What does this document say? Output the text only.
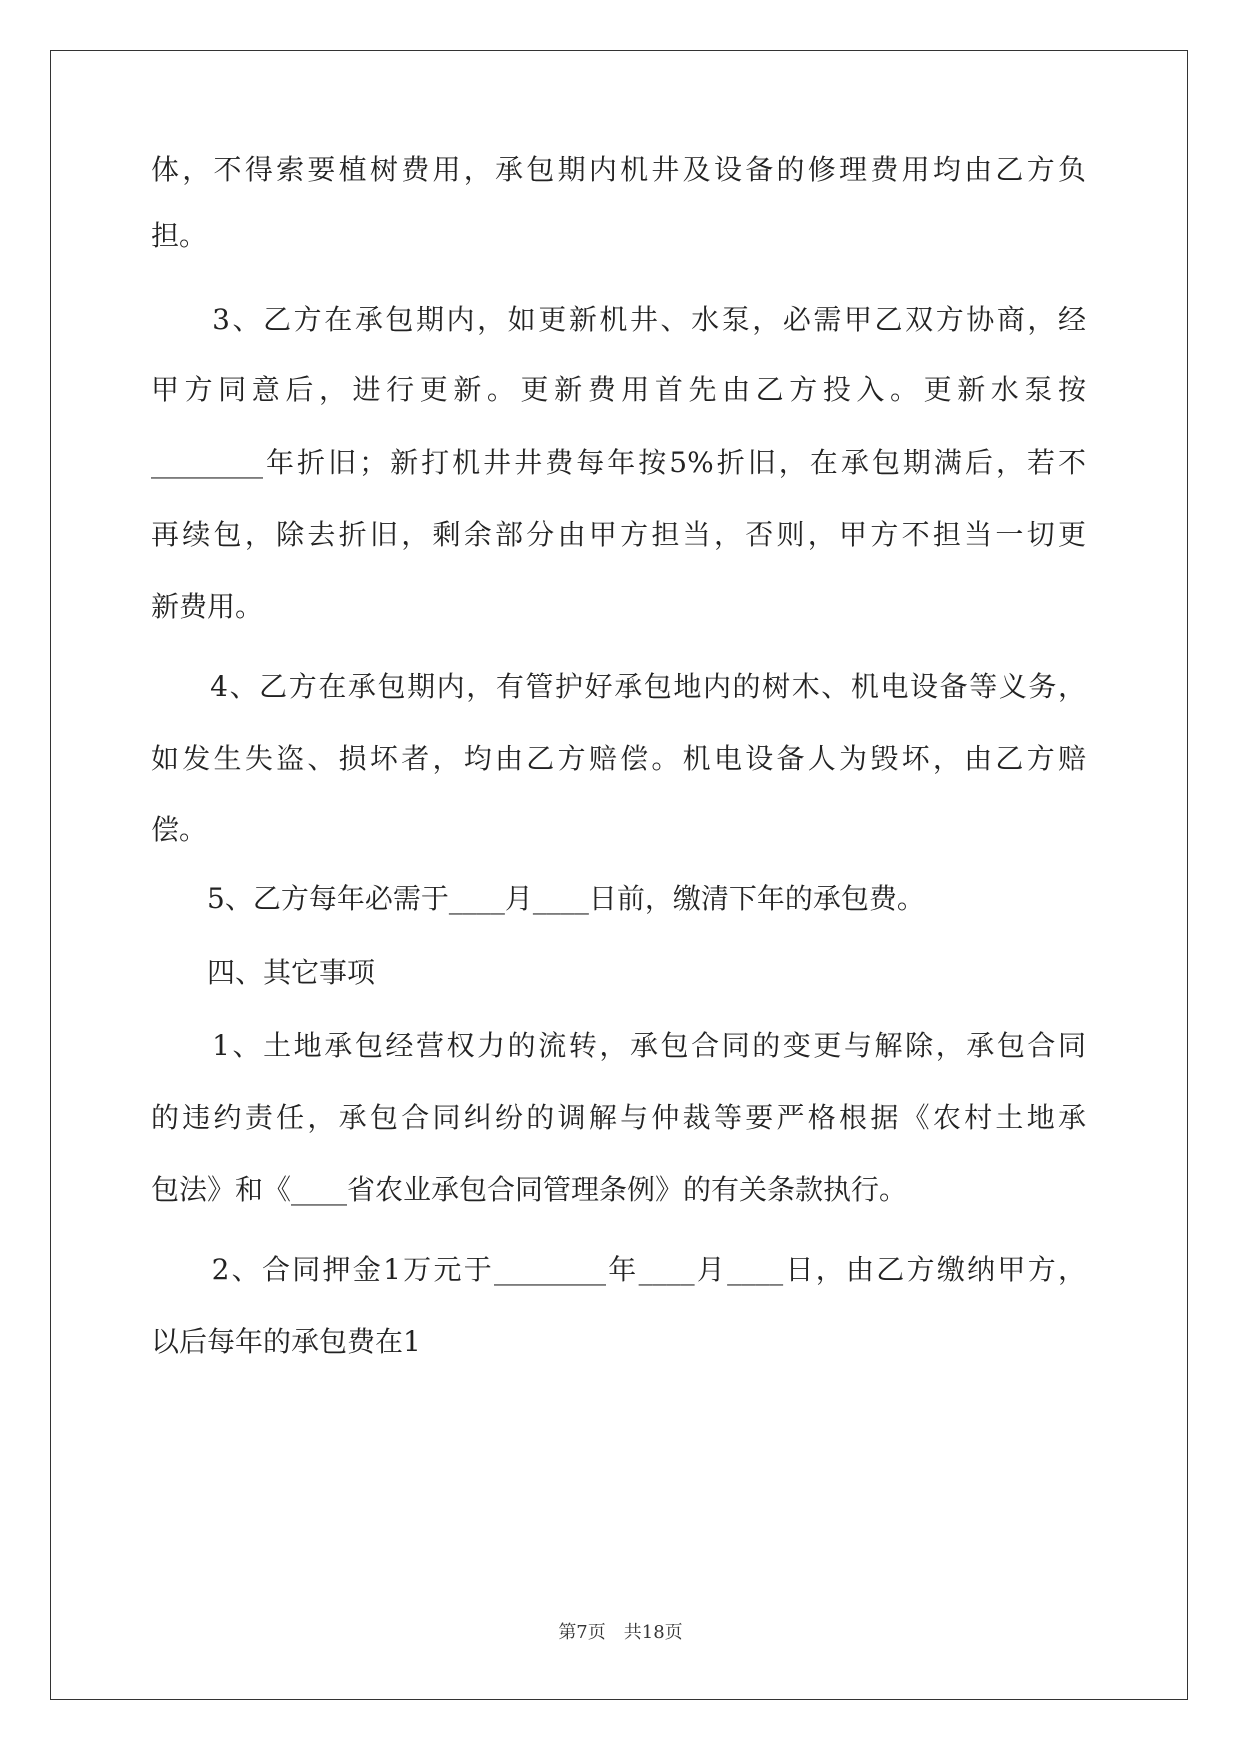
体，不得索要植树费用，承包期内机井及设备的修理费用均由乙方负
担。
　　3、乙方在承包期内，如更新机井、水泵，必需甲乙双方协商，经
甲方同意后，进行更新。更新费用首先由乙方投入。更新水泵按
________年折旧；新打机井井费每年按5%折旧，在承包期满后，若不
再续包，除去折旧，剩余部分由甲方担当，否则，甲方不担当一切更
新费用。
　　4、乙方在承包期内，有管护好承包地内的树木、机电设备等义务，
如发生失盗、损坏者，均由乙方赔偿。机电设备人为毁坏，由乙方赔
偿。
　　5、乙方每年必需于____月____日前，缴清下年的承包费。
　　四、其它事项
　　1、土地承包经营权力的流转，承包合同的变更与解除，承包合同
的违约责任，承包合同纠纷的调解与仲裁等要严格根据《农村土地承
包法》和《____省农业承包合同管理条例》的有关条款执行。
　　2、合同押金1万元于________年____月____日，由乙方缴纳甲方，
以后每年的承包费在1
第7页　共18页
